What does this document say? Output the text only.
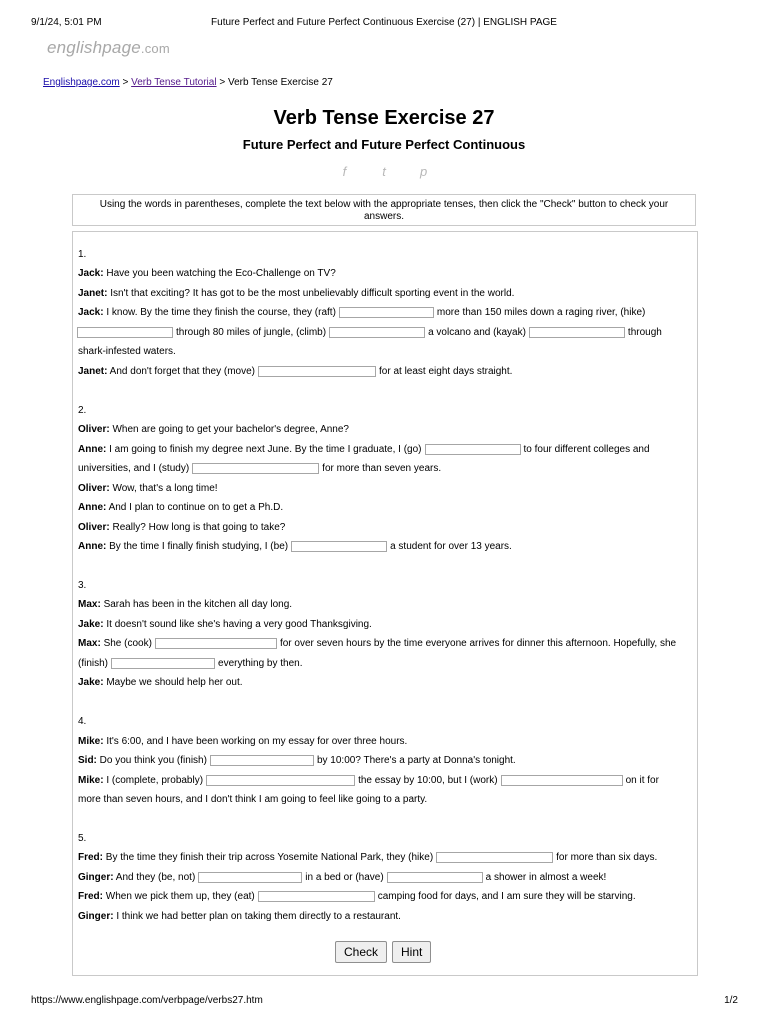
9/1/24, 5:01 PM	Future Perfect and Future Perfect Continuous Exercise (27) | ENGLISH PAGE
englishpage.com
Englishpage.com > Verb Tense Tutorial > Verb Tense Exercise 27
Verb Tense Exercise 27
Future Perfect and Future Perfect Continuous
f	t	p
Using the words in parentheses, complete the text below with the appropriate tenses, then click the "Check" button to check your answers.
1.
Jack: Have you been watching the Eco-Challenge on TV?
Janet: Isn't that exciting? It has got to be the most unbelievably difficult sporting event in the world.
Jack: I know. By the time they finish the course, they (raft)	more than 150 miles down a raging river, (hike)
through 80 miles of jungle, (climb)	a volcano and (kayak)	through
shark-infested waters.
Janet: And don't forget that they (move)	for at least eight days straight.
2.
Oliver: When are going to get your bachelor's degree, Anne?
Anne: I am going to finish my degree next June. By the time I graduate, I (go)	to four different colleges and
universities, and I (study)	for more than seven years.
Oliver: Wow, that's a long time!
Anne: And I plan to continue on to get a Ph.D.
Oliver: Really? How long is that going to take?
Anne: By the time I finally finish studying, I (be)	a student for over 13 years.
3.
Max: Sarah has been in the kitchen all day long.
Jake: It doesn't sound like she's having a very good Thanksgiving.
Max: She (cook)	for over seven hours by the time everyone arrives for dinner this afternoon. Hopefully, she
(finish)	everything by then.
Jake: Maybe we should help her out.
4.
Mike: It's 6:00, and I have been working on my essay for over three hours.
Sid: Do you think you (finish)	by 10:00? There's a party at Donna's tonight.
Mike: I (complete, probably)	the essay by 10:00, but I (work)	on it for
more than seven hours, and I don't think I am going to feel like going to a party.
5.
Fred: By the time they finish their trip across Yosemite National Park, they (hike)	for more than six days.
Ginger: And they (be, not)	in a bed or (have)	a shower in almost a week!
Fred: When we pick them up, they (eat)	camping food for days, and I am sure they will be starving.
Ginger: I think we had better plan on taking them directly to a restaurant.
Check	Hint
https://www.englishpage.com/verbpage/verbs27.htm	1/2
